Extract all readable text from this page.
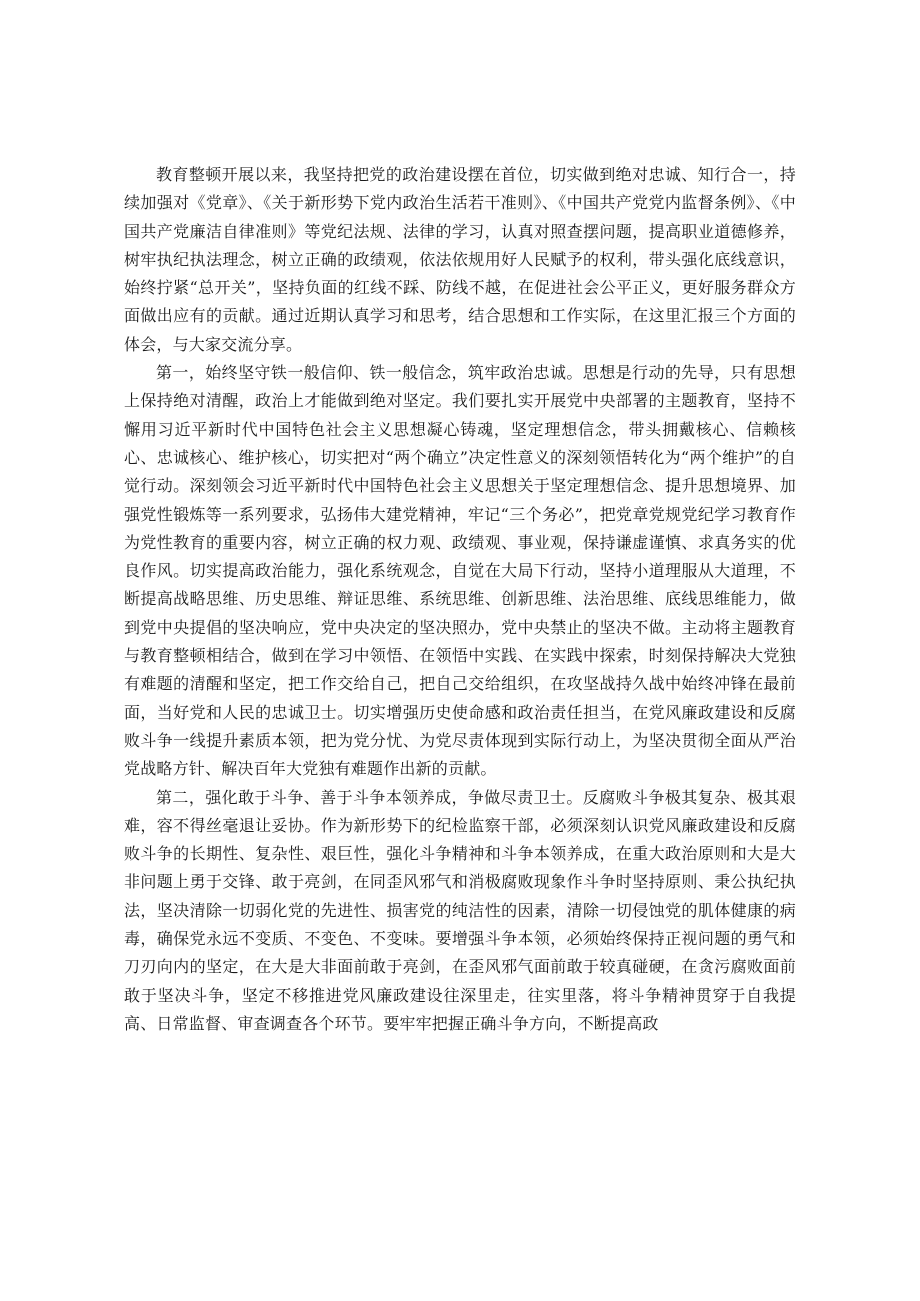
教育整顿开展以来，我坚持把党的政治建设摆在首位，切实做到绝对忠诚、知行合一，持续加强对《党章》、《关于新形势下党内政治生活若干准则》、《中国共产党党内监督条例》、《中国共产党廉洁自律准则》等党纪法规、法律的学习，认真对照查摆问题，提高职业道德修养，树牢执纪执法理念，树立正确的政绩观，依法依规用好人民赋予的权利，带头强化底线意识，始终拧紧“总开关”，坚持负面的红线不踩、防线不越，在促进社会公平正义，更好服务群众方面做出应有的贡献。通过近期认真学习和思考，结合思想和工作实际，在这里汇报三个方面的体会，与大家交流分享。

第一，始终坚守铁一般信仰、铁一般信念，筑牢政治忠诚。思想是行动的先导，只有思想上保持绝对清醒，政治上才能做到绝对坚定。我们要扎实开展党中央部署的主题教育，坚持不懈用习近平新时代中国特色社会主义思想凝心铸魂，坚定理想信念，带头拥戴核心、信赖核心、忠诚核心、维护核心，切实把对“两个确立”决定性意义的深刻领悟转化为“两个维护”的自觉行动。深刻领会习近平新时代中国特色社会主义思想关于坚定理想信念、提升思想境界、加强党性锻炼等一系列要求，弘扬伟大建党精神，牢记“三个务必”，把党章党规党纪学习教育作为党性教育的重要内容，树立正确的权力观、政绩观、事业观，保持谦虚谨慎、求真务实的优良作风。切实提高政治能力，强化系统观念，自觉在大局下行动，坚持小道理服从大道理，不断提高战略思维、历史思维、辩证思维、系统思维、创新思维、法治思维、底线思维能力，做到党中央提倡的坚决响应，党中央决定的坚决照办，党中央禁止的坚决不做。主动将主题教育与教育整顿相结合，做到在学习中领悟、在领悟中实践、在实践中探索，时刻保持解决大党独有难题的清醒和坚定，把工作交给自己，把自己交给组织，在攻坚战持久战中始终冲锋在最前面，当好党和人民的忠诚卫士。切实增强历史使命感和政治责任担当，在党风廉政建设和反腐败斗争一线提升素质本领，把为党分忧、为党尽责体现到实际行动上，为坚决贯彻全面从严治党战略方针、解决百年大党独有难题作出新的贡献。

第二，强化敢于斗争、善于斗争本领养成，争做尽责卫士。反腐败斗争极其复杂、极其艰难，容不得丝毫退让妥协。作为新形势下的纪检监察干部，必须深刻认识党风廉政建设和反腐败斗争的长期性、复杂性、艰巨性，强化斗争精神和斗争本领养成，在重大政治原则和大是大非问题上勇于交锋、敢于亮剑，在同歪风邪气和消极腐败现象作斗争时坚持原则、秉公执纪执法，坚决清除一切弱化党的先进性、损害党的纯洁性的因素，清除一切侵蚀党的肌体健康的病毒，确保党永远不变质、不变色、不变味。要增强斗争本领，必须始终保持正视问题的勇气和刀刃向内的坚定，在大是大非面前敢于亮剑，在歪风邪气面前敢于较真碰硬，在贪污腐败面前敢于坚决斗争，坚定不移推进党风廉政建设往深里走，往实里落，将斗争精神贯穿于自我提高、日常监督、审查调查各个环节。要牢牢把握正确斗争方向，不断提高政
